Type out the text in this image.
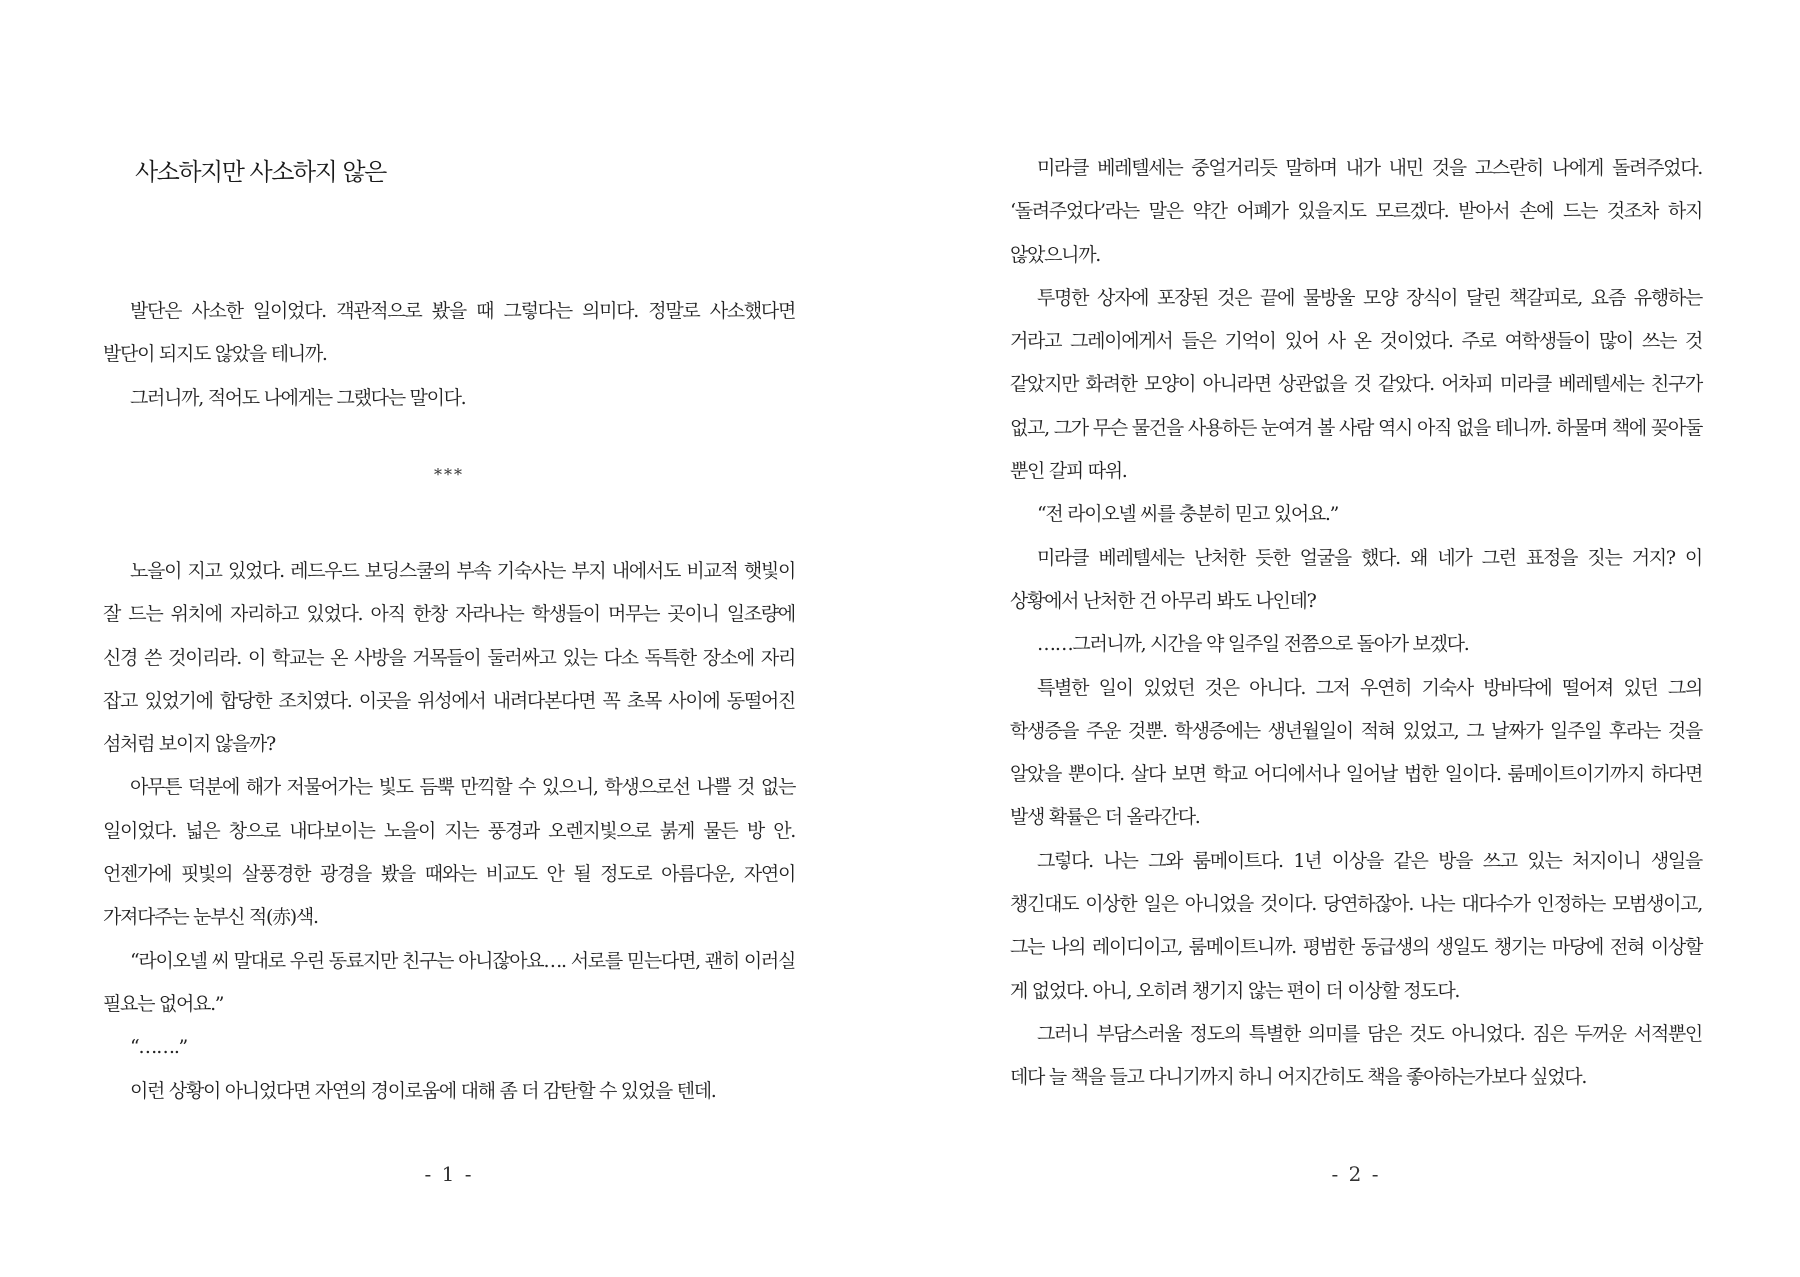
사소하지만 사소하지 않은

발단은 사소한 일이었다. 객관적으로 봤을 때 그렇다는 의미다. 정말로 사소했다면 발단이 되지도 않았을 테니까.

그러니까, 적어도 나에게는 그랬다는 말이다.

***

노을이 지고 있었다. 레드우드 보딩스쿨의 부속 기숙사는 부지 내에서도 비교적 햇빛이 잘 드는 위치에 자리하고 있었다. 아직 한창 자라나는 학생들이 머무는 곳이니 일조량에 신경 쓴 것이리라. 이 학교는 온 사방을 거목들이 둘러싸고 있는 다소 독특한 장소에 자리 잡고 있었기에 합당한 조치였다. 이곳을 위성에서 내려다본다면 꼭 초목 사이에 동떨어진 섬처럼 보이지 않을까?

아무튼 덕분에 해가 저물어가는 빛도 듬뿍 만끽할 수 있으니, 학생으로선 나쁠 것 없는 일이었다. 넓은 창으로 내다보이는 노을이 지는 풍경과 오렌지빛으로 붉게 물든 방 안. 언젠가에 핏빛의 살풍경한 광경을 봤을 때와는 비교도 안 될 정도로 아름다운, 자연이 가져다주는 눈부신 적(赤)색.

“라이오넬 씨 말대로 우린 동료지만 친구는 아니잖아요…. 서로를 믿는다면, 괜히 이러실 필요는 없어요.”

“…….”

이런 상황이 아니었다면 자연의 경이로움에 대해 좀 더 감탄할 수 있었을 텐데.

- 1 -

미라클 베레텔세는 중얼거리듯 말하며 내가 내민 것을 고스란히 나에게 돌려주었다. ‘돌려주었다’라는 말은 약간 어폐가 있을지도 모르겠다. 받아서 손에 드는 것조차 하지 않았으니까.

투명한 상자에 포장된 것은 끝에 물방울 모양 장식이 달린 책갈피로, 요즘 유행하는 거라고 그레이에게서 들은 기억이 있어 사 온 것이었다. 주로 여학생들이 많이 쓰는 것 같았지만 화려한 모양이 아니라면 상관없을 것 같았다. 어차피 미라클 베레텔세는 친구가 없고, 그가 무슨 물건을 사용하든 눈여겨 볼 사람 역시 아직 없을 테니까. 하물며 책에 꽂아둘 뿐인 갈피 따위.

“전 라이오넬 씨를 충분히 믿고 있어요.”

미라클 베레텔세는 난처한 듯한 얼굴을 했다. 왜 네가 그런 표정을 짓는 거지? 이 상황에서 난처한 건 아무리 봐도 나인데?

……그러니까, 시간을 약 일주일 전쯤으로 돌아가 보겠다.

특별한 일이 있었던 것은 아니다. 그저 우연히 기숙사 방바닥에 떨어져 있던 그의 학생증을 주운 것뿐. 학생증에는 생년월일이 적혀 있었고, 그 날짜가 일주일 후라는 것을 알았을 뿐이다. 살다 보면 학교 어디에서나 일어날 법한 일이다. 룸메이트이기까지 하다면 발생 확률은 더 올라간다.

그렇다. 나는 그와 룸메이트다. 1년 이상을 같은 방을 쓰고 있는 처지이니 생일을 챙긴대도 이상한 일은 아니었을 것이다. 당연하잖아. 나는 대다수가 인정하는 모범생이고, 그는 나의 레이디이고, 룸메이트니까. 평범한 동급생의 생일도 챙기는 마당에 전혀 이상할 게 없었다. 아니, 오히려 챙기지 않는 편이 더 이상할 정도다.

그러니 부담스러울 정도의 특별한 의미를 담은 것도 아니었다. 짐은 두꺼운 서적뿐인 데다 늘 책을 들고 다니기까지 하니 어지간히도 책을 좋아하는가보다 싶었다.

- 2 -
